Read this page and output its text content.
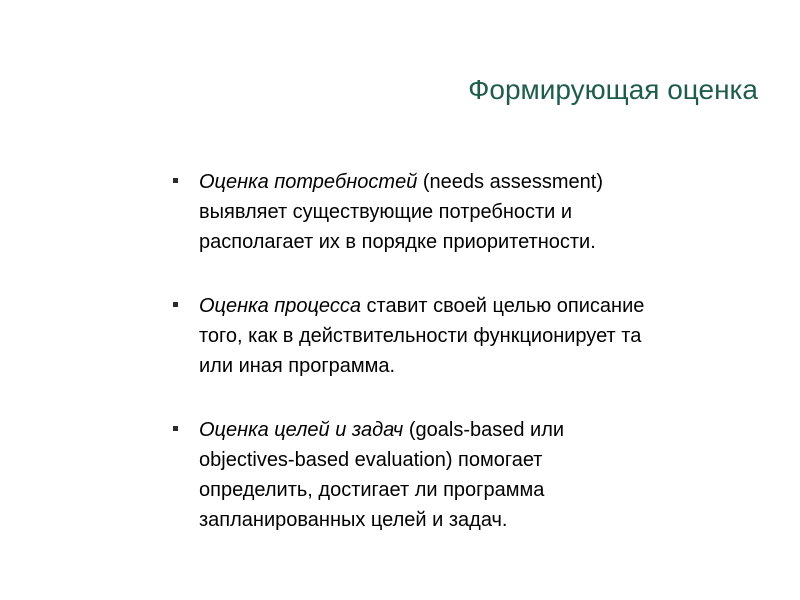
Формирующая оценка
Оценка потребностей (needs assessment)
выявляет существующие потребности и
располагает их в порядке приоритетности.
Оценка процесса ставит своей целью описание
того, как в действительности функционирует та
или иная программа.
Оценка целей и задач (goals-based или
objectives-based evaluation) помогает
определить, достигает ли программа
запланированных целей и задач.
